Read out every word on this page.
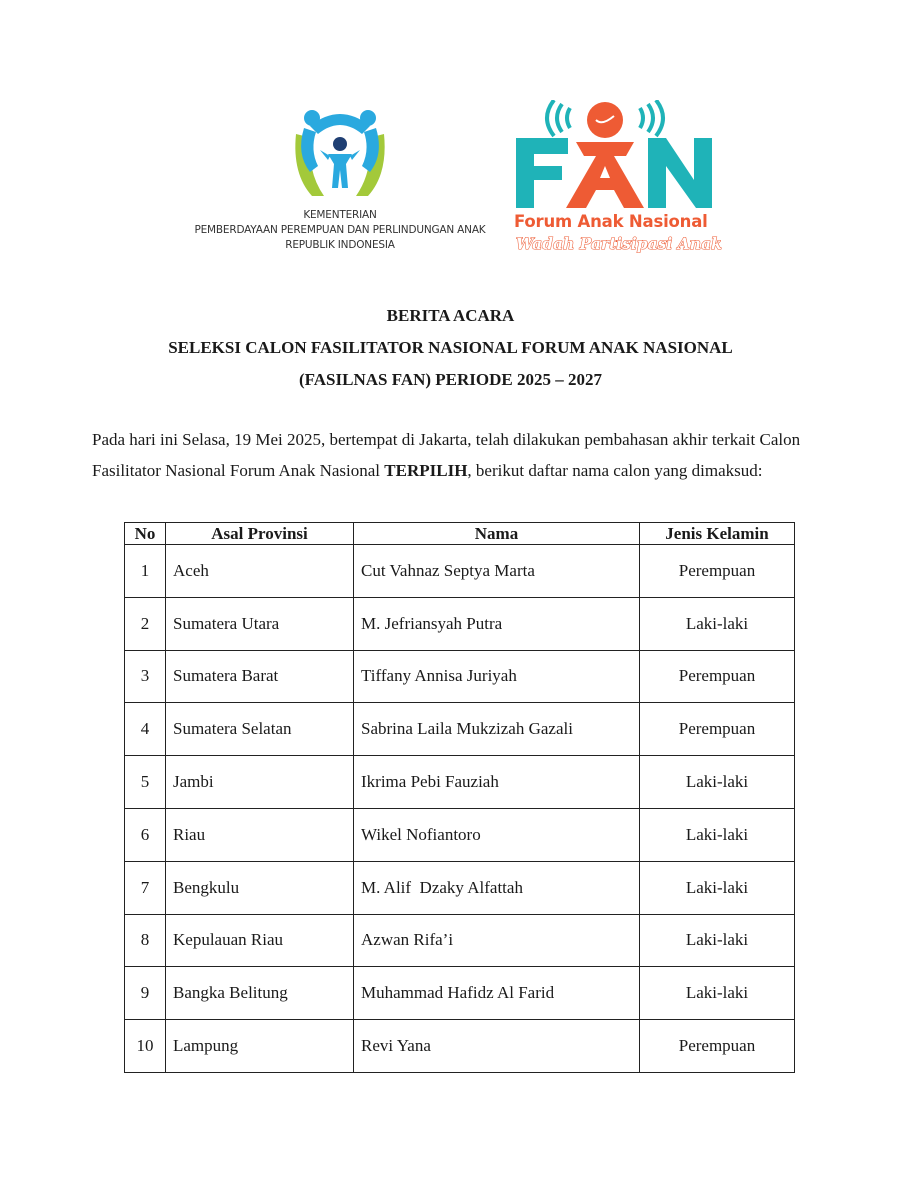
KEMENTERIAN
PEMBERDAYAAN PEREMPUAN DAN PERLINDUNGAN ANAK
REPUBLIK INDONESIA
Forum Anak Nasional
Wadah Partisipasi Anak
BERITA ACARA
SELEKSI CALON FASILITATOR NASIONAL FORUM ANAK NASIONAL
(FASILNAS FAN) PERIODE 2025 – 2027
Pada hari ini Selasa, 19 Mei 2025, bertempat di Jakarta, telah dilakukan pembahasan akhir terkait Calon Fasilitator Nasional Forum Anak Nasional TERPILIH, berikut daftar nama calon yang dimaksud:
No	Asal Provinsi	Nama	Jenis Kelamin
1	Aceh	Cut Vahnaz Septya Marta	Perempuan
2	Sumatera Utara	M. Jefriansyah Putra	Laki-laki
3	Sumatera Barat	Tiffany Annisa Juriyah	Perempuan
4	Sumatera Selatan	Sabrina Laila Mukzizah Gazali	Perempuan
5	Jambi	Ikrima Pebi Fauziah	Laki-laki
6	Riau	Wikel Nofiantoro	Laki-laki
7	Bengkulu	M. Alif  Dzaky Alfattah	Laki-laki
8	Kepulauan Riau	Azwan Rifa’i	Laki-laki
9	Bangka Belitung	Muhammad Hafidz Al Farid	Laki-laki
10	Lampung	Revi Yana	Perempuan
